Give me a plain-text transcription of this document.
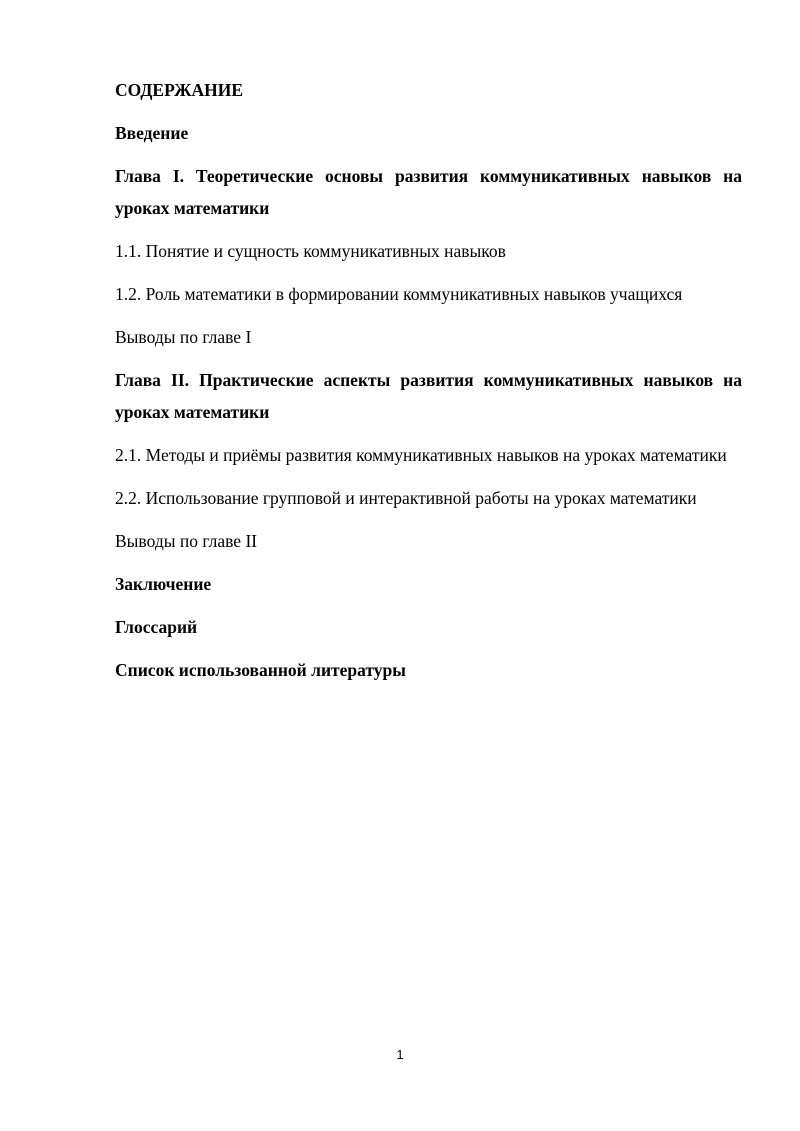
СОДЕРЖАНИЕ
Введение
Глава I. Теоретические основы развития коммуникативных навыков на уроках математики
1.1. Понятие и сущность коммуникативных навыков
1.2. Роль математики в формировании коммуникативных навыков учащихся
Выводы по главе I
Глава II. Практические аспекты развития коммуникативных навыков на уроках математики
2.1. Методы и приёмы развития коммуникативных навыков на уроках математики
2.2. Использование групповой и интерактивной работы на уроках математики
Выводы по главе II
Заключение
Глоссарий
Список использованной литературы
1
